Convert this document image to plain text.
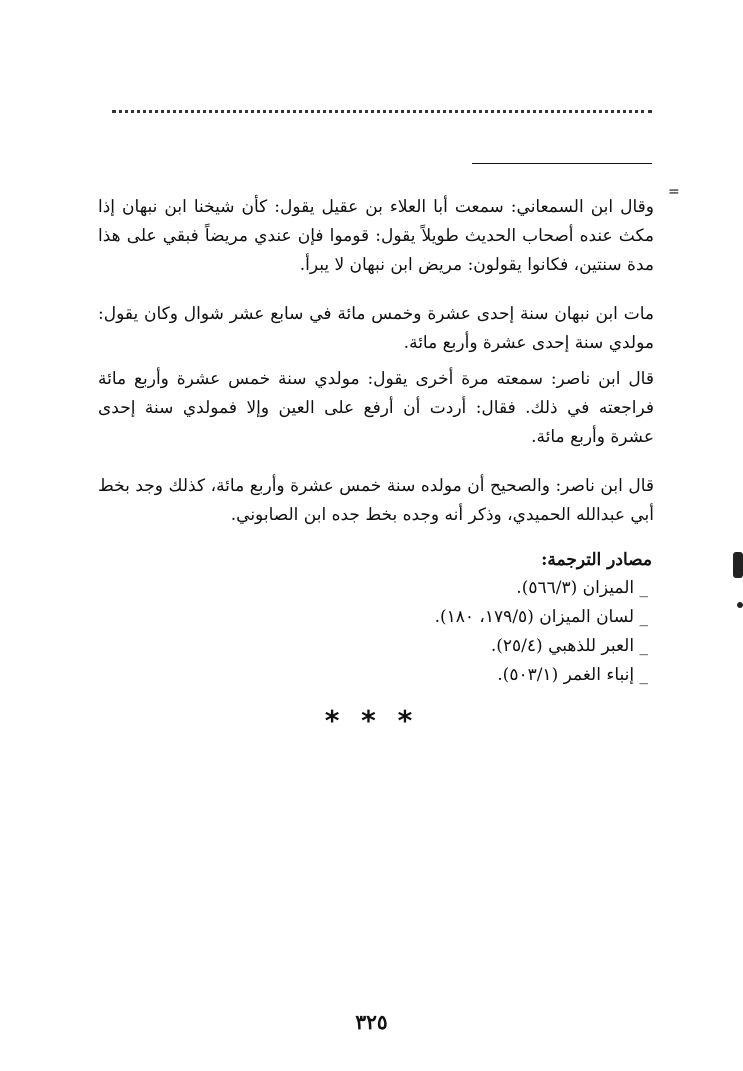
=

وقال ابن السمعاني: سمعت أبا العلاء بن عقيل يقول: كأن شيخنا ابن نبهان إذا مكث عنده أصحاب الحديث طويلاً يقول: قوموا فإن عندي مريضاً فبقي على هذا مدة سنتين، فكانوا يقولون: مريض ابن نبهان لا يبرأ.

مات ابن نبهان سنة إحدى عشرة وخمس مائة في سابع عشر شوال وكان يقول: مولدي سنة إحدى عشرة وأربع مائة.

قال ابن ناصر: سمعته مرة أخرى يقول: مولدي سنة خمس عشرة وأربع مائة فراجعته في ذلك. فقال: أردت أن أرفع على العين وإلا فمولدي سنة إحدى عشرة وأربع مائة.

قال ابن ناصر: والصحيح أن مولده سنة خمس عشرة وأربع مائة، كذلك وجد بخط أبي عبدالله الحميدي، وذكر أنه وجده بخط جده ابن الصابوني.

مصادر الترجمة:

_ الميزان (٥٦٦/٣).
_ لسان الميزان (١٧٩/٥، ١٨٠).
_ العبر للذهبي (٢٥/٤).
_ إنباء الغمر (٥٠٣/١).
* * *
٣٢٥
